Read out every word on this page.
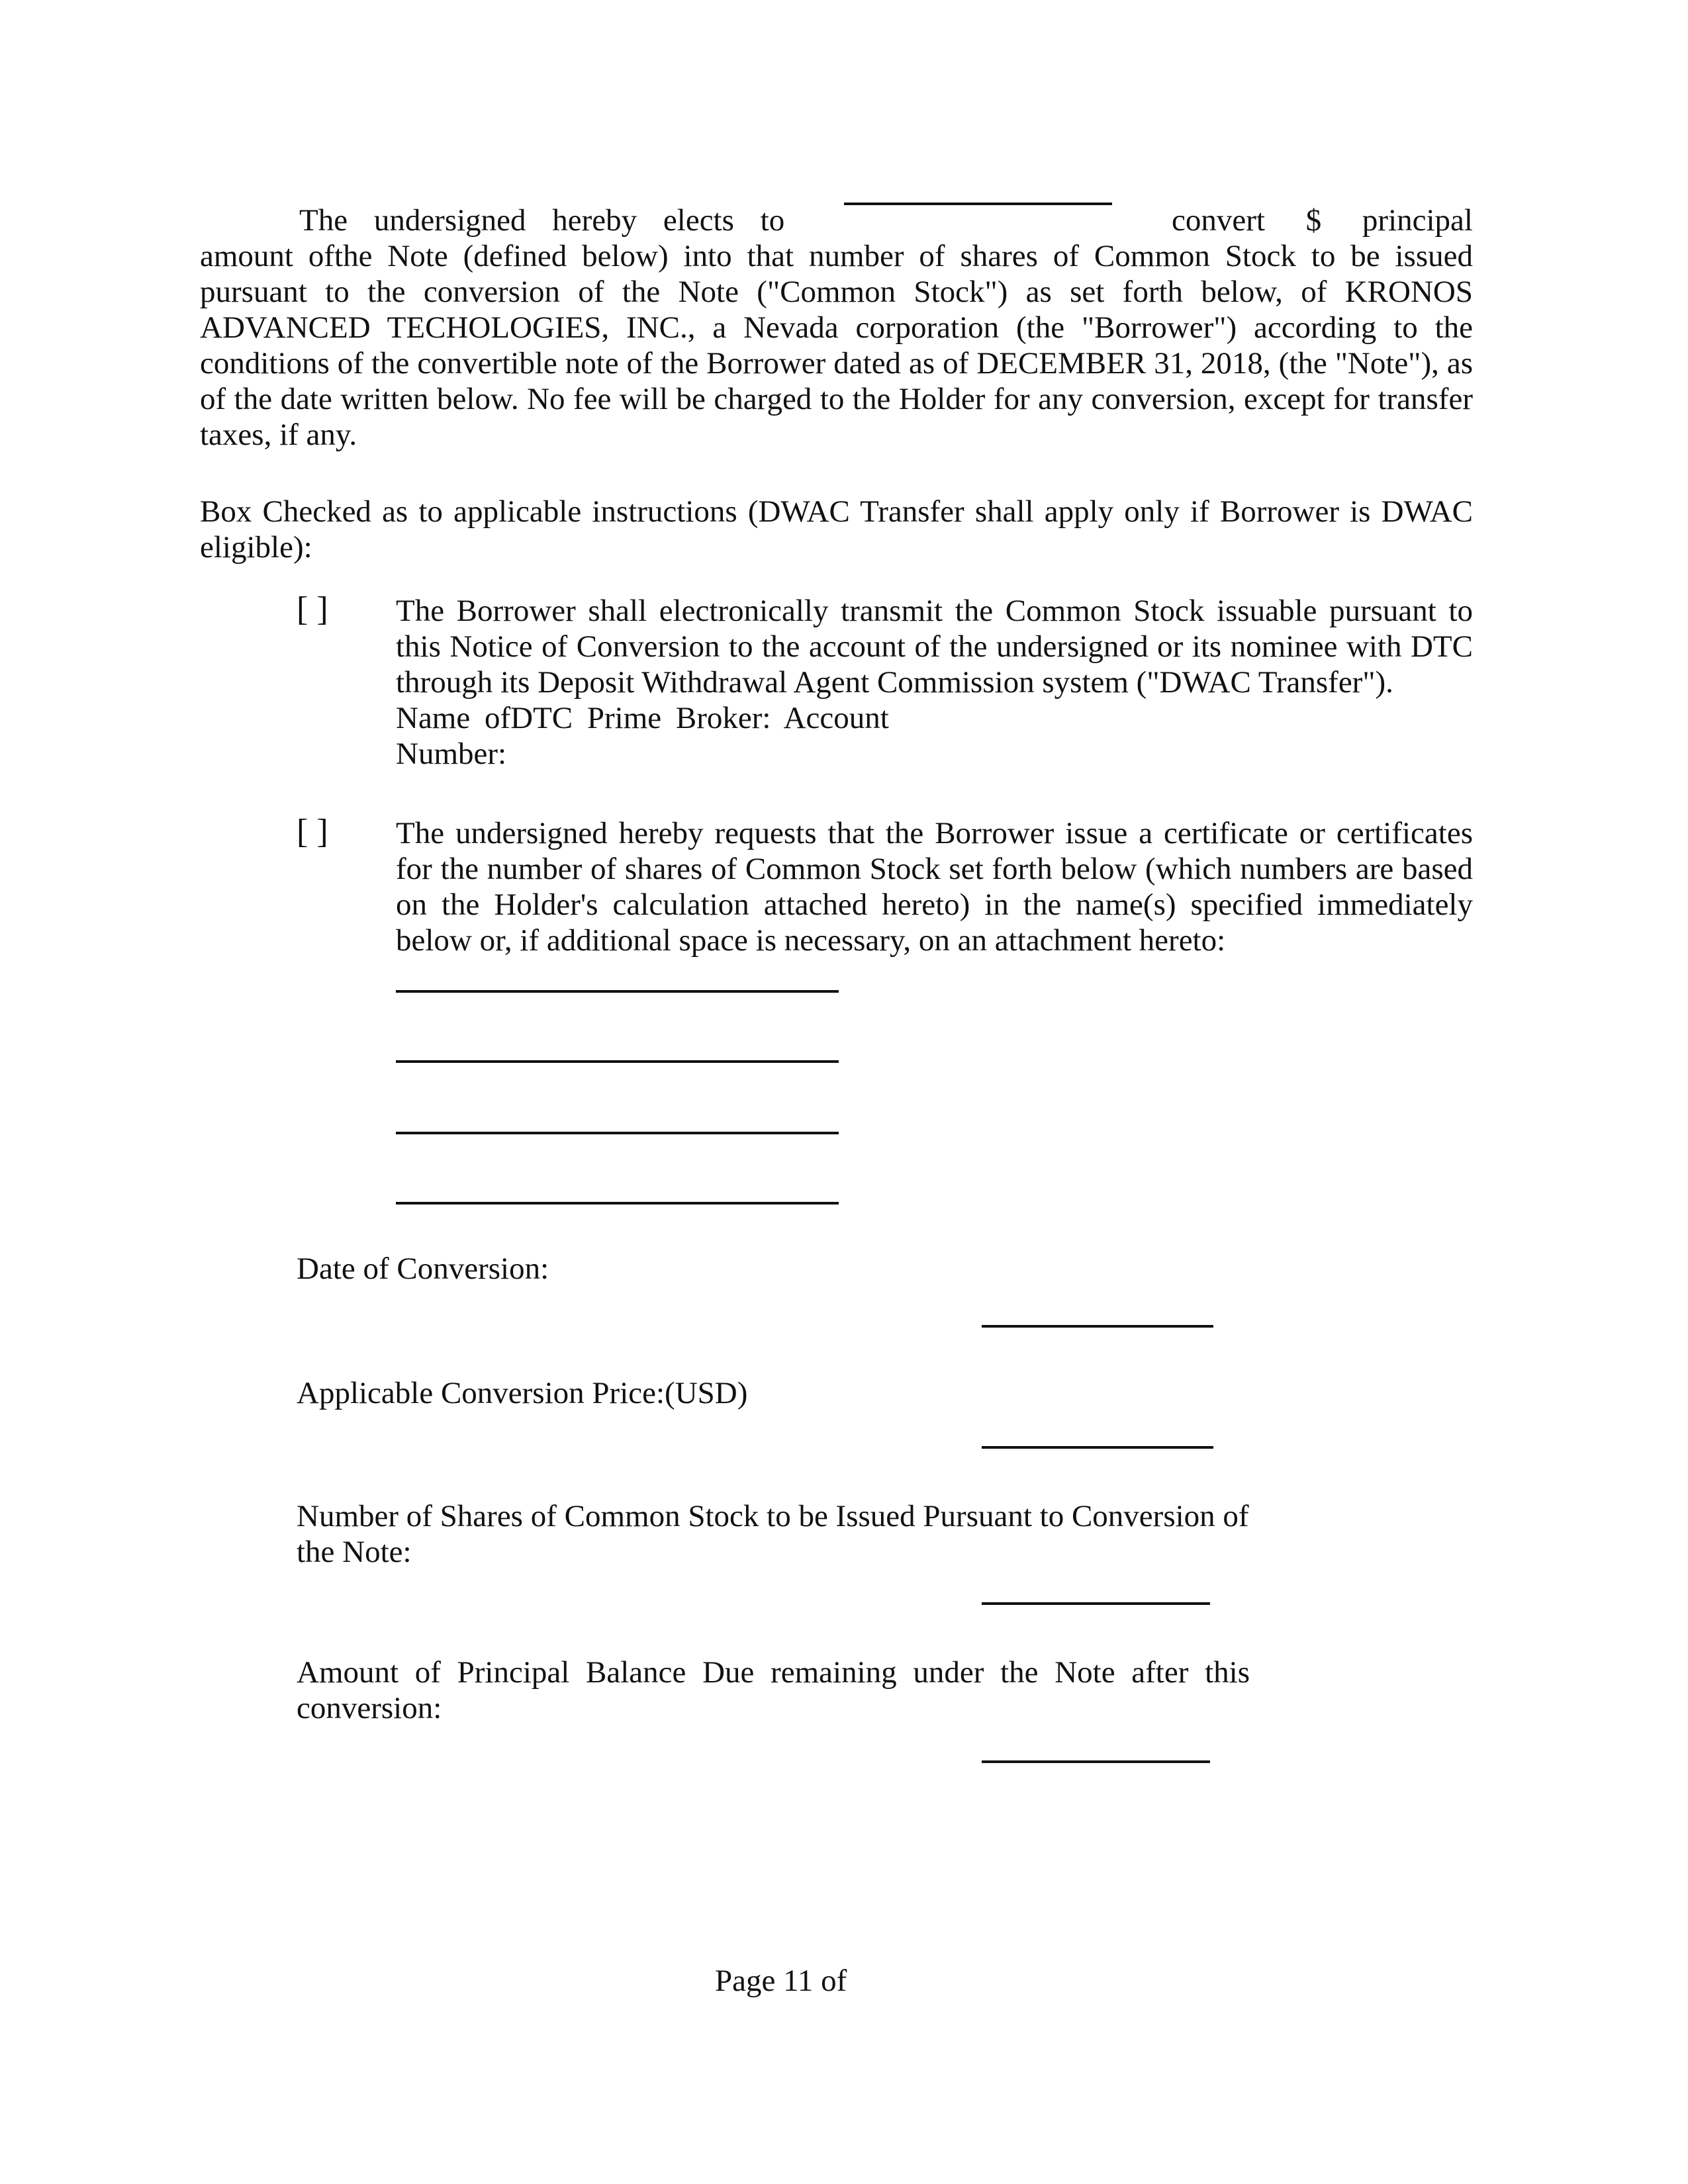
The undersigned hereby elects to	convert $ principal
amount ofthe Note (defined below) into that number of shares of Common Stock to be issued pursuant to the conversion of the Note ("Common Stock") as set forth below, of KRONOS ADVANCED TECHOLOGIES, INC., a Nevada corporation (the "Borrower") according to the conditions of the convertible note of the Borrower dated as of DECEMBER 31, 2018, (the "Note"), as of the date written below. No fee will be charged to the Holder for any conversion, except for transfer taxes, if any.
Box Checked as to applicable instructions (DWAC Transfer shall apply only if Borrower is DWAC eligible):
[ ]	The Borrower shall electronically transmit the Common Stock issuable pursuant to this Notice of Conversion to the account of the undersigned or its nominee with DTC through its Deposit Withdrawal Agent Commission system ("DWAC Transfer").
Name ofDTC Prime Broker: Account
Number:
[ ]	The undersigned hereby requests that the Borrower issue a certificate or certificates for the number of shares of Common Stock set forth below (which numbers are based on the Holder's calculation attached hereto) in the name(s) specified immediately below or, if additional space is necessary, on an attachment hereto:
Date of Conversion:
Applicable Conversion Price:(USD)
Number of Shares of Common Stock to be Issued Pursuant to Conversion of the Note:
Amount of Principal Balance Due remaining under the Note after this conversion:
Page 11 of
